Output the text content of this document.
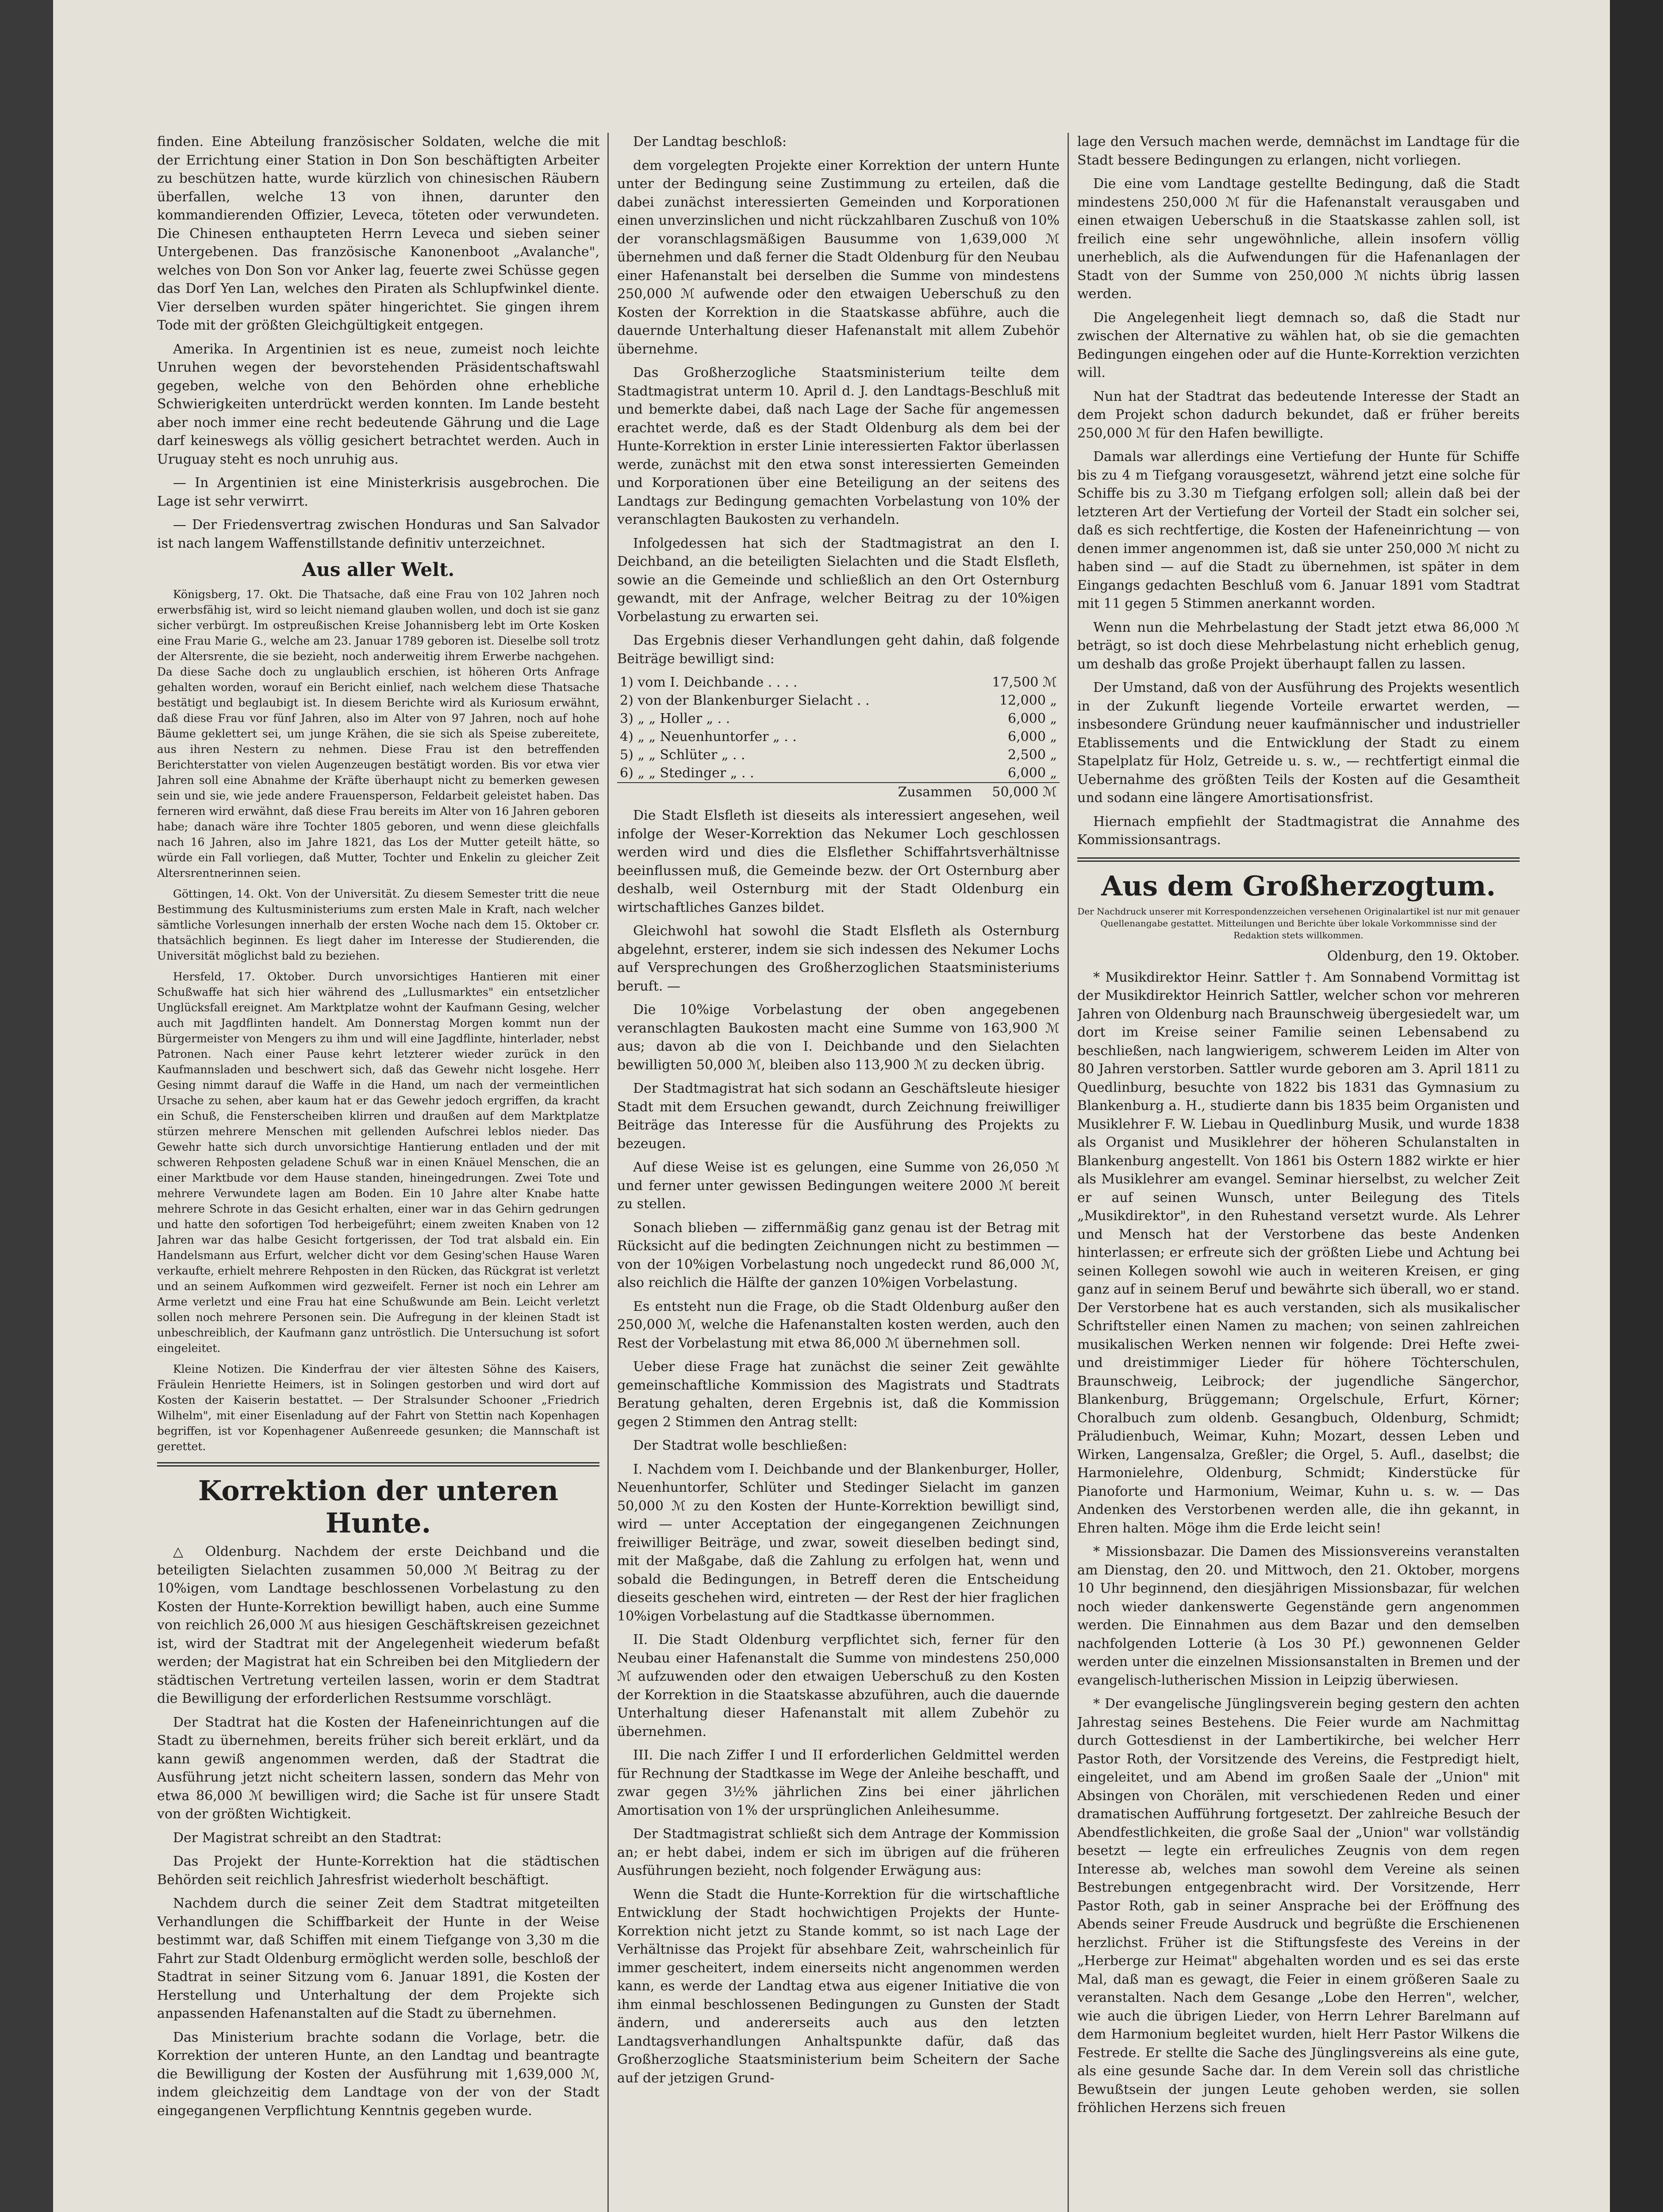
finden. Eine Abteilung französischer Soldaten, welche die mit der Errichtung einer Station in Don Son beschäftigten Arbeiter zu beschützen hatte, wurde kürzlich von chinesischen Räubern überfallen, welche 13 von ihnen, darunter den kommandierenden Offizier, Leveca, töteten oder verwundeten. Die Chinesen enthaupteten Herrn Leveca und sieben seiner Untergebenen. Das französische Kanonenboot „Avalanche", welches von Don Son vor Anker lag, feuerte zwei Schüsse gegen das Dorf Yen Lan, welches den Piraten als Schlupfwinkel diente. Vier derselben wurden später hingerichtet. Sie gingen ihrem Tode mit der größten Gleichgültigkeit entgegen.

Amerika. In Argentinien ist es neue, zumeist noch leichte Unruhen wegen der bevorstehenden Präsidentschaftswahl gegeben, welche von den Behörden ohne erhebliche Schwierigkeiten unterdrückt werden konnten. Im Lande besteht aber noch immer eine recht bedeutende Gährung und die Lage darf keineswegs als völlig gesichert betrachtet werden. Auch in Uruguay steht es noch unruhig aus.

— In Argentinien ist eine Ministerkrisis ausgebrochen. Die Lage ist sehr verwirrt.

— Der Friedensvertrag zwischen Honduras und San Salvador ist nach langem Waffenstillstande definitiv unterzeichnet.

Aus aller Welt.

Königsberg, 17. Okt. Die Thatsache, daß eine Frau von 102 Jahren noch erwerbsfähig ist, wird so leicht niemand glauben wollen, und doch ist sie ganz sicher verbürgt. Im ostpreußischen Kreise Johannisberg lebt im Orte Kosken eine Frau Marie G., welche am 23. Januar 1789 geboren ist. Dieselbe soll trotz der Altersrente, die sie bezieht, noch anderweitig ihrem Erwerbe nachgehen. Da diese Sache doch zu unglaublich erschien, ist höheren Orts Anfrage gehalten worden, worauf ein Bericht einlief, nach welchem diese Thatsache bestätigt und beglaubigt ist. In diesem Berichte wird als Kuriosum erwähnt, daß diese Frau vor fünf Jahren, also im Alter von 97 Jahren, noch auf hohe Bäume geklettert sei, um junge Krähen, die sie sich als Speise zubereitete, aus ihren Nestern zu nehmen. Diese Frau ist den betreffenden Berichterstatter von vielen Augenzeugen bestätigt worden. Bis vor etwa vier Jahren soll eine Abnahme der Kräfte überhaupt nicht zu bemerken gewesen sein und sie, wie jede andere Frauensperson, Feldarbeit geleistet haben. Das ferneren wird erwähnt, daß diese Frau bereits im Alter von 16 Jahren geboren habe; danach wäre ihre Tochter 1805 geboren, und wenn diese gleichfalls nach 16 Jahren, also im Jahre 1821, das Los der Mutter geteilt hätte, so würde ein Fall vorliegen, daß Mutter, Tochter und Enkelin zu gleicher Zeit Altersrentnerinnen seien.

Göttingen, 14. Okt. Von der Universität. Zu diesem Semester tritt die neue Bestimmung des Kultusministeriums zum ersten Male in Kraft, nach welcher sämtliche Vorlesungen innerhalb der ersten Woche nach dem 15. Oktober cr. thatsächlich beginnen. Es liegt daher im Interesse der Studierenden, die Universität möglichst bald zu beziehen.

Hersfeld, 17. Oktober. Durch unvorsichtiges Hantieren mit einer Schußwaffe hat sich hier während des „Lullusmarktes" ein entsetzlicher Unglücksfall ereignet. Am Marktplatze wohnt der Kaufmann Gesing, welcher auch mit Jagdflinten handelt. Am Donnerstag Morgen kommt nun der Bürgermeister von Mengers zu ihm und will eine Jagdflinte, hinterlader, nebst Patronen. Nach einer Pause kehrt letzterer wieder zurück in den Kaufmannsladen und beschwert sich, daß das Gewehr nicht losgehe. Herr Gesing nimmt darauf die Waffe in die Hand, um nach der vermeintlichen Ursache zu sehen, aber kaum hat er das Gewehr jedoch ergriffen, da kracht ein Schuß, die Fensterscheiben klirren und draußen auf dem Marktplatze stürzen mehrere Menschen mit gellenden Aufschrei leblos nieder. Das Gewehr hatte sich durch unvorsichtige Hantierung entladen und der mit schweren Rehposten geladene Schuß war in einen Knäuel Menschen, die an einer Marktbude vor dem Hause standen, hineingedrungen. Zwei Tote und mehrere Verwundete lagen am Boden. Ein 10 Jahre alter Knabe hatte mehrere Schrote in das Gesicht erhalten, einer war in das Gehirn gedrungen und hatte den sofortigen Tod herbeigeführt; einem zweiten Knaben von 12 Jahren war das halbe Gesicht fortgerissen, der Tod trat alsbald ein. Ein Handelsmann aus Erfurt, welcher dicht vor dem Gesing'schen Hause Waren verkaufte, erhielt mehrere Rehposten in den Rücken, das Rückgrat ist verletzt und an seinem Aufkommen wird gezweifelt. Ferner ist noch ein Lehrer am Arme verletzt und eine Frau hat eine Schußwunde am Bein. Leicht verletzt sollen noch mehrere Personen sein. Die Aufregung in der kleinen Stadt ist unbeschreiblich, der Kaufmann ganz untröstlich. Die Untersuchung ist sofort eingeleitet.

Kleine Notizen. Die Kinderfrau der vier ältesten Söhne des Kaisers, Fräulein Henriette Heimers, ist in Solingen gestorben und wird dort auf Kosten der Kaiserin bestattet. — Der Stralsunder Schooner „Friedrich Wilhelm", mit einer Eisenladung auf der Fahrt von Stettin nach Kopenhagen begriffen, ist vor Kopenhagener Außenreede gesunken; die Mannschaft ist gerettet.

Korrektion der unteren Hunte.

△ Oldenburg. Nachdem der erste Deichband und die beteiligten Sielachten zusammen 50,000 ℳ Beitrag zu der 10%igen, vom Landtage beschlossenen Vorbelastung zu den Kosten der Hunte-Korrektion bewilligt haben, auch eine Summe von reichlich 26,000 ℳ aus hiesigen Geschäftskreisen gezeichnet ist, wird der Stadtrat mit der Angelegenheit wiederum befaßt werden; der Magistrat hat ein Schreiben bei den Mitgliedern der städtischen Vertretung verteilen lassen, worin er dem Stadtrat die Bewilligung der erforderlichen Restsumme vorschlägt.

Der Stadtrat hat die Kosten der Hafeneinrichtungen auf die Stadt zu übernehmen, bereits früher sich bereit erklärt, und da kann gewiß angenommen werden, daß der Stadtrat die Ausführung jetzt nicht scheitern lassen, sondern das Mehr von etwa 86,000 ℳ bewilligen wird; die Sache ist für unsere Stadt von der größten Wichtigkeit.

Der Magistrat schreibt an den Stadtrat:

Das Projekt der Hunte-Korrektion hat die städtischen Behörden seit reichlich Jahresfrist wiederholt beschäftigt.

Nachdem durch die seiner Zeit dem Stadtrat mitgeteilten Verhandlungen die Schiffbarkeit der Hunte in der Weise bestimmt war, daß Schiffen mit einem Tiefgange von 3,30 m die Fahrt zur Stadt Oldenburg ermöglicht werden solle, beschloß der Stadtrat in seiner Sitzung vom 6. Januar 1891, die Kosten der Herstellung und Unterhaltung der dem Projekte sich anpassenden Hafenanstalten auf die Stadt zu übernehmen.

Das Ministerium brachte sodann die Vorlage, betr. die Korrektion der unteren Hunte, an den Landtag und beantragte die Bewilligung der Kosten der Ausführung mit 1,639,000 ℳ, indem gleichzeitig dem Landtage von der von der Stadt eingegangenen Verpflichtung Kenntnis gegeben wurde.

Der Landtag beschloß:

dem vorgelegten Projekte einer Korrektion der untern Hunte unter der Bedingung seine Zustimmung zu erteilen, daß die dabei zunächst interessierten Gemeinden und Korporationen einen unverzinslichen und nicht rückzahlbaren Zuschuß von 10% der voranschlagsmäßigen Bausumme von 1,639,000 ℳ übernehmen und daß ferner die Stadt Oldenburg für den Neubau einer Hafenanstalt bei derselben die Summe von mindestens 250,000 ℳ aufwende oder den etwaigen Ueberschuß zu den Kosten der Korrektion in die Staatskasse abführe, auch die dauernde Unterhaltung dieser Hafenanstalt mit allem Zubehör übernehme.

Das Großherzogliche Staatsministerium teilte dem Stadtmagistrat unterm 10. April d. J. den Landtags-Beschluß mit und bemerkte dabei, daß nach Lage der Sache für angemessen erachtet werde, daß es der Stadt Oldenburg als dem bei der Hunte-Korrektion in erster Linie interessierten Faktor überlassen werde, zunächst mit den etwa sonst interessierten Gemeinden und Korporationen über eine Beteiligung an der seitens des Landtags zur Bedingung gemachten Vorbelastung von 10% der veranschlagten Baukosten zu verhandeln.

Infolgedessen hat sich der Stadtmagistrat an den I. Deichband, an die beteiligten Sielachten und die Stadt Elsfleth, sowie an die Gemeinde und schließlich an den Ort Osternburg gewandt, mit der Anfrage, welcher Beitrag zu der 10%igen Vorbelastung zu erwarten sei.

Das Ergebnis dieser Verhandlungen geht dahin, daß folgende Beiträge bewilligt sind:

1) vom I. Deichbande . . . .	17,500 ℳ
2) von der Blankenburger Sielacht . .	12,000 „
3) „ „ Holler „ . .	6,000 „
4) „ „ Neuenhuntorfer „ . .	6,000 „
5) „ „ Schlüter „ . .	2,500 „
6) „ „ Stedinger „ . .	6,000 „
Zusammen	50,000 ℳ

Die Stadt Elsfleth ist dieseits als interessiert angesehen, weil infolge der Weser-Korrektion das Nekumer Loch geschlossen werden wird und dies die Elsflether Schiffahrtsverhältnisse beeinflussen muß, die Gemeinde bezw. der Ort Osternburg aber deshalb, weil Osternburg mit der Stadt Oldenburg ein wirtschaftliches Ganzes bildet.

Gleichwohl hat sowohl die Stadt Elsfleth als Osternburg abgelehnt, ersterer, indem sie sich indessen des Nekumer Lochs auf Versprechungen des Großherzoglichen Staatsministeriums beruft. —

Die 10%ige Vorbelastung der oben angegebenen veranschlagten Baukosten macht eine Summe von 163,900 ℳ aus; davon ab die von I. Deichbande und den Sielachten bewilligten 50,000 ℳ, bleiben also 113,900 ℳ zu decken übrig.

Der Stadtmagistrat hat sich sodann an Geschäftsleute hiesiger Stadt mit dem Ersuchen gewandt, durch Zeichnung freiwilliger Beiträge das Interesse für die Ausführung des Projekts zu bezeugen.

Auf diese Weise ist es gelungen, eine Summe von 26,050 ℳ und ferner unter gewissen Bedingungen weitere 2000 ℳ bereit zu stellen.

Sonach blieben — ziffernmäßig ganz genau ist der Betrag mit Rücksicht auf die bedingten Zeichnungen nicht zu bestimmen — von der 10%igen Vorbelastung noch ungedeckt rund 86,000 ℳ, also reichlich die Hälfte der ganzen 10%igen Vorbelastung.

Es entsteht nun die Frage, ob die Stadt Oldenburg außer den 250,000 ℳ, welche die Hafenanstalten kosten werden, auch den Rest der Vorbelastung mit etwa 86,000 ℳ übernehmen soll.

Ueber diese Frage hat zunächst die seiner Zeit gewählte gemeinschaftliche Kommission des Magistrats und Stadtrats Beratung gehalten, deren Ergebnis ist, daß die Kommission gegen 2 Stimmen den Antrag stellt:

Der Stadtrat wolle beschließen:

I. Nachdem vom I. Deichbande und der Blankenburger, Holler, Neuenhuntorfer, Schlüter und Stedinger Sielacht im ganzen 50,000 ℳ zu den Kosten der Hunte-Korrektion bewilligt sind, wird — unter Acceptation der eingegangenen Zeichnungen freiwilliger Beiträge, und zwar, soweit dieselben bedingt sind, mit der Maßgabe, daß die Zahlung zu erfolgen hat, wenn und sobald die Bedingungen, in Betreff deren die Entscheidung dieseits geschehen wird, eintreten — der Rest der hier fraglichen 10%igen Vorbelastung auf die Stadtkasse übernommen.

II. Die Stadt Oldenburg verpflichtet sich, ferner für den Neubau einer Hafenanstalt die Summe von mindestens 250,000 ℳ aufzuwenden oder den etwaigen Ueberschuß zu den Kosten der Korrektion in die Staatskasse abzuführen, auch die dauernde Unterhaltung dieser Hafenanstalt mit allem Zubehör zu übernehmen.

III. Die nach Ziffer I und II erforderlichen Geldmittel werden für Rechnung der Stadtkasse im Wege der Anleihe beschafft, und zwar gegen 3½% jährlichen Zins bei einer jährlichen Amortisation von 1% der ursprünglichen Anleihesumme.

Der Stadtmagistrat schließt sich dem Antrage der Kommission an; er hebt dabei, indem er sich im übrigen auf die früheren Ausführungen bezieht, noch folgender Erwägung aus:

Wenn die Stadt die Hunte-Korrektion für die wirtschaftliche Entwicklung der Stadt hochwichtigen Projekts der Hunte-Korrektion nicht jetzt zu Stande kommt, so ist nach Lage der Verhältnisse das Projekt für absehbare Zeit, wahrscheinlich für immer gescheitert, indem einerseits nicht angenommen werden kann, es werde der Landtag etwa aus eigener Initiative die von ihm einmal beschlossenen Bedingungen zu Gunsten der Stadt ändern, und andererseits auch aus den letzten Landtagsverhandlungen Anhaltspunkte dafür, daß das Großherzogliche Staatsministerium beim Scheitern der Sache auf der jetzigen Grund-

lage den Versuch machen werde, demnächst im Landtage für die Stadt bessere Bedingungen zu erlangen, nicht vorliegen.

Die eine vom Landtage gestellte Bedingung, daß die Stadt mindestens 250,000 ℳ für die Hafenanstalt verausgaben und einen etwaigen Ueberschuß in die Staatskasse zahlen soll, ist freilich eine sehr ungewöhnliche, allein insofern völlig unerheblich, als die Aufwendungen für die Hafenanlagen der Stadt von der Summe von 250,000 ℳ nichts übrig lassen werden.

Die Angelegenheit liegt demnach so, daß die Stadt nur zwischen der Alternative zu wählen hat, ob sie die gemachten Bedingungen eingehen oder auf die Hunte-Korrektion verzichten will.

Nun hat der Stadtrat das bedeutende Interesse der Stadt an dem Projekt schon dadurch bekundet, daß er früher bereits 250,000 ℳ für den Hafen bewilligte.

Damals war allerdings eine Vertiefung der Hunte für Schiffe bis zu 4 m Tiefgang vorausgesetzt, während jetzt eine solche für Schiffe bis zu 3.30 m Tiefgang erfolgen soll; allein daß bei der letzteren Art der Vertiefung der Vorteil der Stadt ein solcher sei, daß es sich rechtfertige, die Kosten der Hafeneinrichtung — von denen immer angenommen ist, daß sie unter 250,000 ℳ nicht zu haben sind — auf die Stadt zu übernehmen, ist später in dem Eingangs gedachten Beschluß vom 6. Januar 1891 vom Stadtrat mit 11 gegen 5 Stimmen anerkannt worden.

Wenn nun die Mehrbelastung der Stadt jetzt etwa 86,000 ℳ beträgt, so ist doch diese Mehrbelastung nicht erheblich genug, um deshalb das große Projekt überhaupt fallen zu lassen.

Der Umstand, daß von der Ausführung des Projekts wesentlich in der Zukunft liegende Vorteile erwartet werden, — insbesondere Gründung neuer kaufmännischer und industrieller Etablissements und die Entwicklung der Stadt zu einem Stapelplatz für Holz, Getreide u. s. w., — rechtfertigt einmal die Uebernahme des größten Teils der Kosten auf die Gesamtheit und sodann eine längere Amortisationsfrist.

Hiernach empfiehlt der Stadtmagistrat die Annahme des Kommissionsantrags.

Aus dem Großherzogtum.
Der Nachdruck unserer mit Korrespondenzzeichen versehenen Originalartikel ist nur mit genauer Quellenangabe gestattet. Mitteilungen und Berichte über lokale Vorkommnisse sind der Redaktion stets willkommen.
Oldenburg, den 19. Oktober.

* Musikdirektor Heinr. Sattler †. Am Sonnabend Vormittag ist der Musikdirektor Heinrich Sattler, welcher schon vor mehreren Jahren von Oldenburg nach Braunschweig übergesiedelt war, um dort im Kreise seiner Familie seinen Lebensabend zu beschließen, nach langwierigem, schwerem Leiden im Alter von 80 Jahren verstorben. Sattler wurde geboren am 3. April 1811 zu Quedlinburg, besuchte von 1822 bis 1831 das Gymnasium zu Blankenburg a. H., studierte dann bis 1835 beim Organisten und Musiklehrer F. W. Liebau in Quedlinburg Musik, und wurde 1838 als Organist und Musiklehrer der höheren Schulanstalten in Blankenburg angestellt. Von 1861 bis Ostern 1882 wirkte er hier als Musiklehrer am evangel. Seminar hierselbst, zu welcher Zeit er auf seinen Wunsch, unter Beilegung des Titels „Musikdirektor", in den Ruhestand versetzt wurde. Als Lehrer und Mensch hat der Verstorbene das beste Andenken hinterlassen; er erfreute sich der größten Liebe und Achtung bei seinen Kollegen sowohl wie auch in weiteren Kreisen, er ging ganz auf in seinem Beruf und bewährte sich überall, wo er stand. Der Verstorbene hat es auch verstanden, sich als musikalischer Schriftsteller einen Namen zu machen; von seinen zahlreichen musikalischen Werken nennen wir folgende: Drei Hefte zwei- und dreistimmiger Lieder für höhere Töchterschulen, Braunschweig, Leibrock; der jugendliche Sängerchor, Blankenburg, Brüggemann; Orgelschule, Erfurt, Körner; Choralbuch zum oldenb. Gesangbuch, Oldenburg, Schmidt; Präludienbuch, Weimar, Kuhn; Mozart, dessen Leben und Wirken, Langensalza, Greßler; die Orgel, 5. Aufl., daselbst; die Harmonielehre, Oldenburg, Schmidt; Kinderstücke für Pianoforte und Harmonium, Weimar, Kuhn u. s. w. — Das Andenken des Verstorbenen werden alle, die ihn gekannt, in Ehren halten. Möge ihm die Erde leicht sein!

* Missionsbazar. Die Damen des Missionsvereins veranstalten am Dienstag, den 20. und Mittwoch, den 21. Oktober, morgens 10 Uhr beginnend, den diesjährigen Missionsbazar, für welchen noch wieder dankenswerte Gegenstände gern angenommen werden. Die Einnahmen aus dem Bazar und den demselben nachfolgenden Lotterie (à Los 30 Pf.) gewonnenen Gelder werden unter die einzelnen Missionsanstalten in Bremen und der evangelisch-lutherischen Mission in Leipzig überwiesen.

* Der evangelische Jünglingsverein beging gestern den achten Jahrestag seines Bestehens. Die Feier wurde am Nachmittag durch Gottesdienst in der Lambertikirche, bei welcher Herr Pastor Roth, der Vorsitzende des Vereins, die Festpredigt hielt, eingeleitet, und am Abend im großen Saale der „Union" mit Absingen von Chorälen, mit verschiedenen Reden und einer dramatischen Aufführung fortgesetzt. Der zahlreiche Besuch der Abendfestlichkeiten, die große Saal der „Union" war vollständig besetzt — legte ein erfreuliches Zeugnis von dem regen Interesse ab, welches man sowohl dem Vereine als seinen Bestrebungen entgegenbracht wird. Der Vorsitzende, Herr Pastor Roth, gab in seiner Ansprache bei der Eröffnung des Abends seiner Freude Ausdruck und begrüßte die Erschienenen herzlichst. Früher ist die Stiftungsfeste des Vereins in der „Herberge zur Heimat" abgehalten worden und es sei das erste Mal, daß man es gewagt, die Feier in einem größeren Saale zu veranstalten. Nach dem Gesange „Lobe den Herren", welcher, wie auch die übrigen Lieder, von Herrn Lehrer Barelmann auf dem Harmonium begleitet wurden, hielt Herr Pastor Wilkens die Festrede. Er stellte die Sache des Jünglingsvereins als eine gute, als eine gesunde Sache dar. In dem Verein soll das christliche Bewußtsein der jungen Leute gehoben werden, sie sollen fröhlichen Herzens sich freuen
